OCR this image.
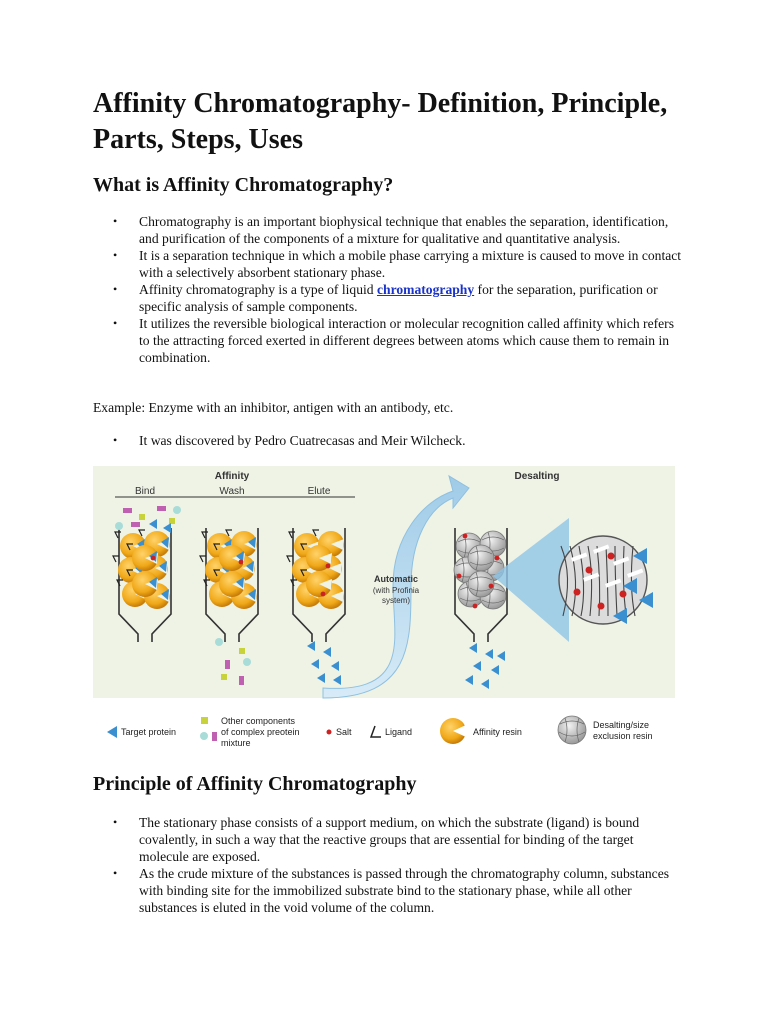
Affinity Chromatography- Definition, Principle, Parts, Steps, Uses
What is Affinity Chromatography?
• Chromatography is an important biophysical technique that enables the separation, identification, and purification of the components of a mixture for qualitative and quantitative analysis.
• It is a separation technique in which a mobile phase carrying a mixture is caused to move in contact with a selectively absorbent stationary phase.
• Affinity chromatography is a type of liquid chromatography for the separation, purification or specific analysis of sample components.
• It utilizes the reversible biological interaction or molecular recognition called affinity which refers to the attracting forced exerted in different degrees between atoms which cause them to remain in combination.

Example: Enzyme with an inhibitor, antigen with an antibody, etc.

• It was discovered by Pedro Cuatrecasas and Meir Wilcheck.
Affinity
Bind	Wash	Elute
Desalting
Automatic
(with Profinia
system)
Target protein
Other components
of complex preotein
mixture
Salt	Ligand	Affinity resin
Desalting/size
exclusion resin
Principle of Affinity Chromatography
• The stationary phase consists of a support medium, on which the substrate (ligand) is bound covalently, in such a way that the reactive groups that are essential for binding of the target molecule are exposed.
• As the crude mixture of the substances is passed through the chromatography column, substances with binding site for the immobilized substrate bind to the stationary phase, while all other substances is eluted in the void volume of the column.
